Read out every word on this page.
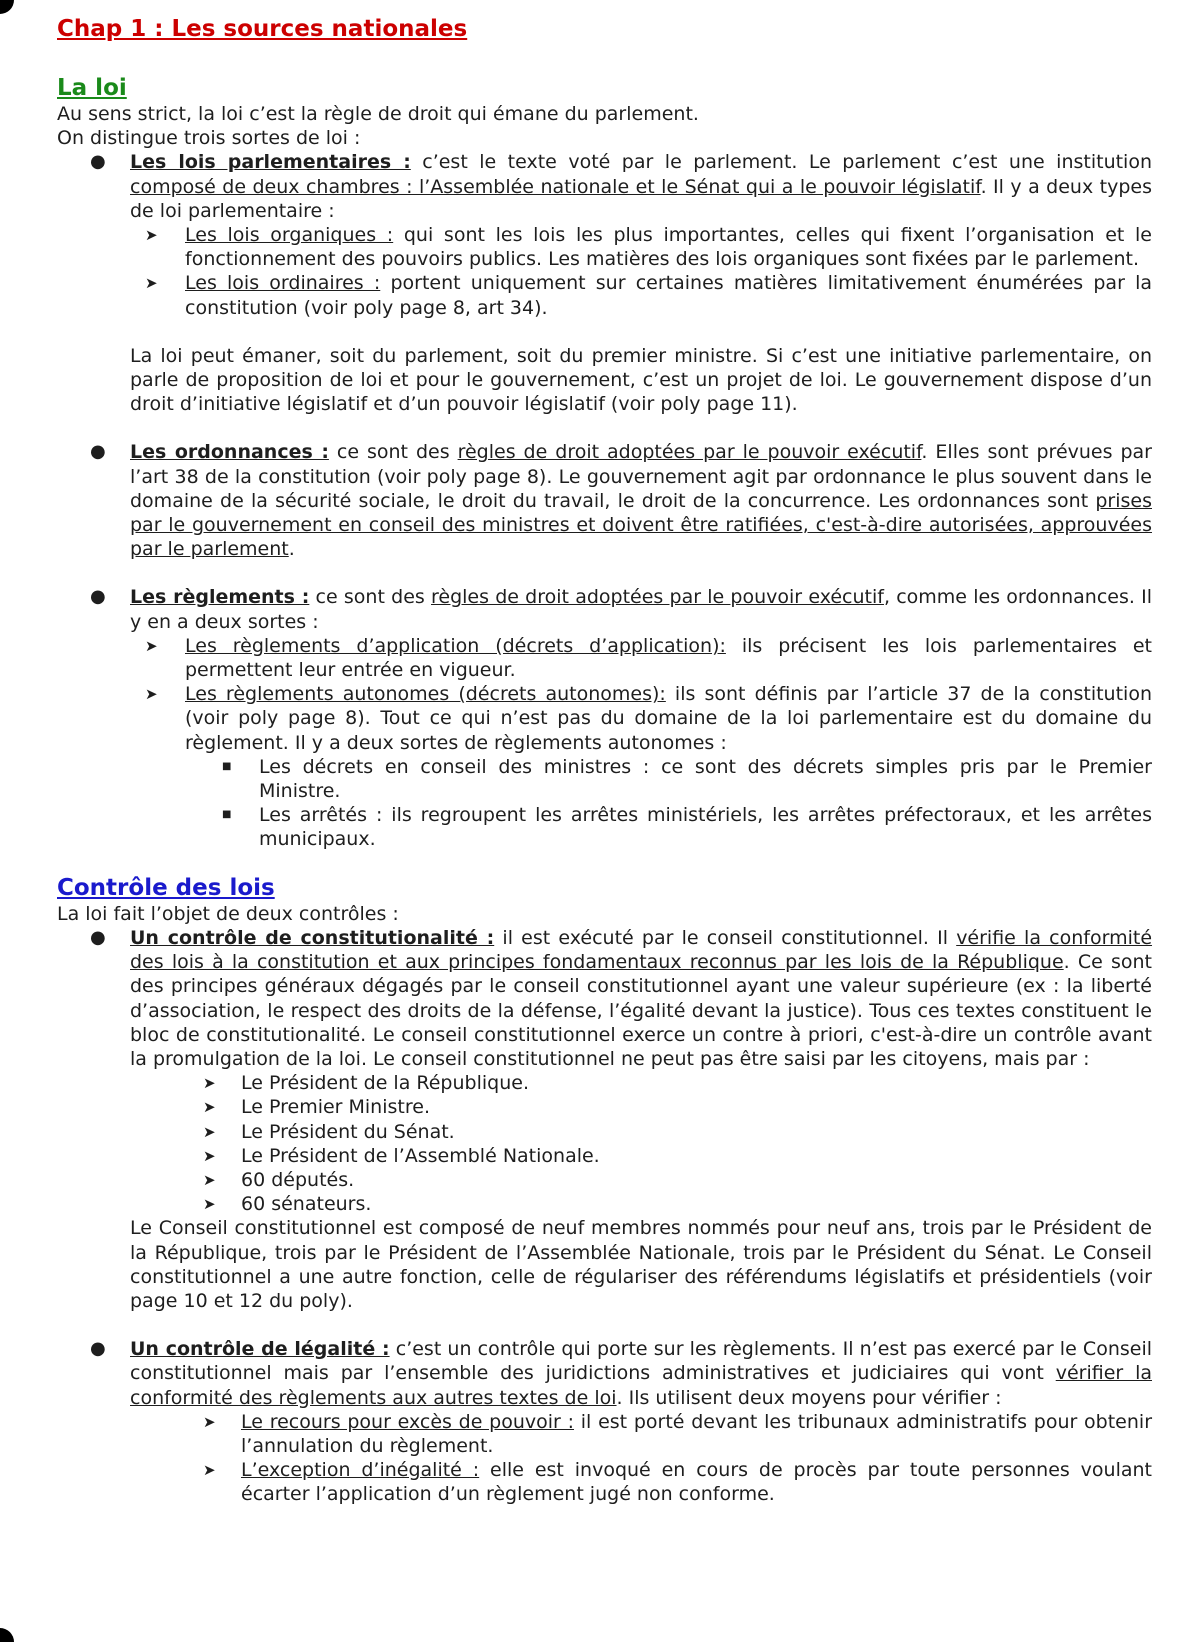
Chap 1 : Les sources nationales
La loi

Au sens strict, la loi c’est la règle de droit qui émane du parlement.

On distingue trois sortes de loi :

● Les lois parlementaires : c’est le texte voté par le parlement. Le parlement c’est une institution composé de deux chambres : l’Assemblée nationale et le Sénat qui a le pouvoir législatif. Il y a deux types de loi parlementaire :

➤ Les lois organiques : qui sont les lois les plus importantes, celles qui fixent l’organisation et le fonctionnement des pouvoirs publics. Les matières des lois organiques sont fixées par le parlement.

➤ Les lois ordinaires : portent uniquement sur certaines matières limitativement énumérées par la constitution (voir poly page 8, art 34).

La loi peut émaner, soit du parlement, soit du premier ministre. Si c’est une initiative parlementaire, on parle de proposition de loi et pour le gouvernement, c’est un projet de loi. Le gouvernement dispose d’un droit d’initiative législatif et d’un pouvoir législatif (voir poly page 11).

● Les ordonnances : ce sont des règles de droit adoptées par le pouvoir exécutif. Elles sont prévues par l’art 38 de la constitution (voir poly page 8). Le gouvernement agit par ordonnance le plus souvent dans le domaine de la sécurité sociale, le droit du travail, le droit de la concurrence. Les ordonnances sont prises par le gouvernement en conseil des ministres et doivent être ratifiées, c'est-à-dire autorisées, approuvées par le parlement.

● Les règlements : ce sont des règles de droit adoptées par le pouvoir exécutif, comme les ordonnances. Il y en a deux sortes :

➤ Les règlements d’application (décrets d’application): ils précisent les lois parlementaires et permettent leur entrée en vigueur.

➤ Les règlements autonomes (décrets autonomes): ils sont définis par l’article 37 de la constitution (voir poly page 8). Tout ce qui n’est pas du domaine de la loi parlementaire est du domaine du règlement. Il y a deux sortes de règlements autonomes :

■ Les décrets en conseil des ministres : ce sont des décrets simples pris par le Premier Ministre.

■ Les arrêtés : ils regroupent les arrêtes ministériels, les arrêtes préfectoraux, et les arrêtes municipaux.

Contrôle des lois

La loi fait l’objet de deux contrôles :

● Un contrôle de constitutionalité : il est exécuté par le conseil constitutionnel. Il vérifie la conformité des lois à la constitution et aux principes fondamentaux reconnus par les lois de la République. Ce sont des principes généraux dégagés par le conseil constitutionnel ayant une valeur supérieure (ex : la liberté d’association, le respect des droits de la défense, l’égalité devant la justice). Tous ces textes constituent le bloc de constitutionalité. Le conseil constitutionnel exerce un contre à priori, c'est-à-dire un contrôle avant la promulgation de la loi. Le conseil constitutionnel ne peut pas être saisi par les citoyens, mais par :

➤ Le Président de la République.

➤ Le Premier Ministre.

➤ Le Président du Sénat.

➤ Le Président de l’Assemblé Nationale.

➤ 60 députés.

➤ 60 sénateurs.

Le Conseil constitutionnel est composé de neuf membres nommés pour neuf ans, trois par le Président de la République, trois par le Président de l’Assemblée Nationale, trois par le Président du Sénat. Le Conseil constitutionnel a une autre fonction, celle de régulariser des référendums législatifs et présidentiels (voir page 10 et 12 du poly).

● Un contrôle de légalité : c’est un contrôle qui porte sur les règlements. Il n’est pas exercé par le Conseil constitutionnel mais par l’ensemble des juridictions administratives et judiciaires qui vont vérifier la conformité des règlements aux autres textes de loi. Ils utilisent deux moyens pour vérifier :

➤ Le recours pour excès de pouvoir : il est porté devant les tribunaux administratifs pour obtenir l’annulation du règlement.

➤ L’exception d’inégalité : elle est invoqué en cours de procès par toute personnes voulant écarter l’application d’un règlement jugé non conforme.
